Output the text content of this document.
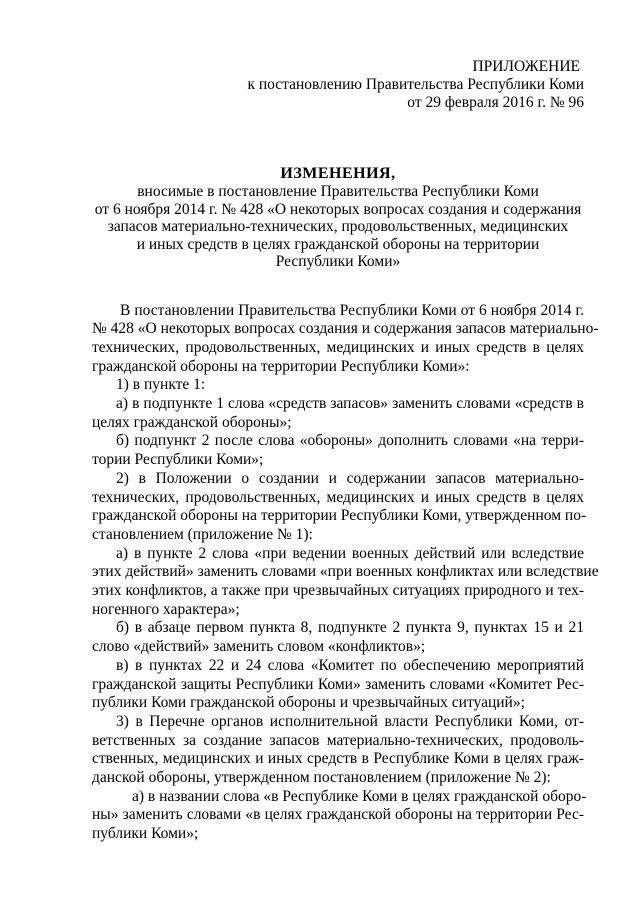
ПРИЛОЖЕНИЕ
к постановлению Правительства Республики Коми
от 29 февраля 2016 г. № 96
ИЗМЕНЕНИЯ,
вносимые в постановление Правительства Республики Коми
от 6 ноября 2014 г. № 428 «О некоторых вопросах создания и содержания
запасов материально-технических, продовольственных, медицинских
и иных средств в целях гражданской обороны на территории
Республики Коми»
В постановлении Правительства Республики Коми от 6 ноября 2014 г.
№ 428 «О некоторых вопросах создания и содержания запасов материально-
технических, продовольственных, медицинских и иных средств в целях
гражданской обороны на территории Республики Коми»:
1) в пункте 1:
а) в подпункте 1 слова «средств запасов» заменить словами «средств в
целях гражданской обороны»;
б) подпункт 2 после слова «обороны» дополнить словами «на терри-
тории Республики Коми»;
2) в Положении о создании и содержании запасов материально-
технических, продовольственных, медицинских и иных средств в целях
гражданской обороны на территории Республики Коми, утвержденном по-
становлением (приложение № 1):
а) в пункте 2 слова «при ведении военных действий или вследствие
этих действий» заменить словами «при военных конфликтах или вследствие
этих конфликтов, а также при чрезвычайных ситуациях природного и тех-
ногенного характера»;
б) в абзаце первом пункта 8, подпункте 2 пункта 9, пунктах 15 и 21
слово «действий» заменить словом «конфликтов»;
в) в пунктах 22 и 24 слова «Комитет по обеспечению мероприятий
гражданской защиты Республики Коми» заменить словами «Комитет Рес-
публики Коми гражданской обороны и чрезвычайных ситуаций»;
3) в Перечне органов исполнительной власти Республики Коми, от-
ветственных за создание запасов материально-технических, продоволь-
ственных, медицинских и иных средств в Республике Коми в целях граж-
данской обороны, утвержденном постановлением (приложение № 2):
а) в названии слова «в Республике Коми в целях гражданской оборо-
ны» заменить словами «в целях гражданской обороны на территории Рес-
публики Коми»;
